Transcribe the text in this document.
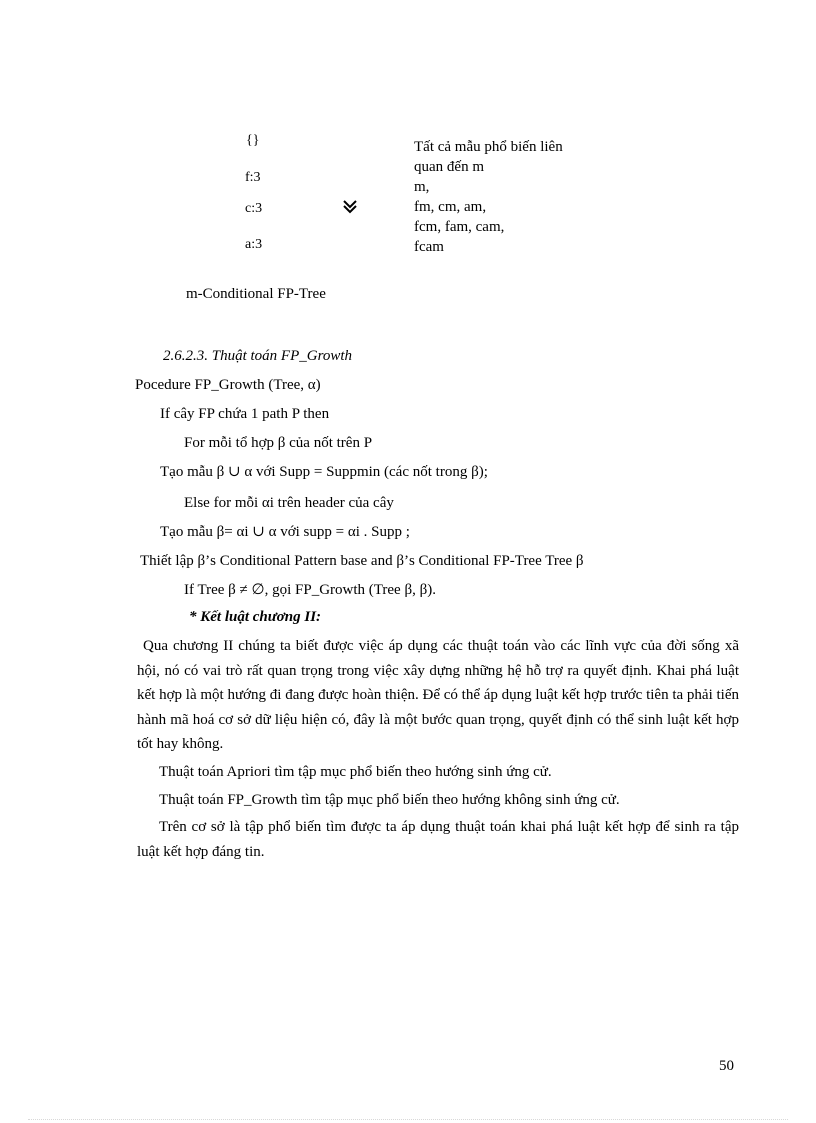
{}
f:3
c:3
a:3
Tất cả mẫu phổ biến liên
quan đến m
m,
fm, cm, am,
fcm, fam, cam,
fcam
m-Conditional FP-Tree
2.6.2.3. Thuật toán FP_Growth
Pocedure FP_Growth (Tree, α)
If cây FP chứa 1 path P then
For mỗi tổ hợp β của nốt trên P
Tạo mẫu β ∪ α với Supp = Suppmin (các nốt trong β);
Else for mỗi αi trên header của cây
Tạo mẫu β= αi ∪ α với supp = αi . Supp ;
Thiết lập β’s Conditional Pattern base and β’s Conditional FP-Tree Tree β
If Tree β ≠ ∅, gọi FP_Growth (Tree β, β).
* Kết luật chương II:
Qua chương II chúng ta biết được việc áp dụng các thuật toán vào các lĩnh vực của đời sống xã hội, nó có vai trò rất quan trọng trong việc xây dựng những hệ hỗ trợ ra quyết định. Khai phá luật kết hợp là một hướng đi đang được hoàn thiện. Để có thể áp dụng luật kết hợp trước tiên ta phải tiến hành mã hoá cơ sở dữ liệu hiện có, đây là một bước quan trọng, quyết định có thể sinh luật kết hợp tốt hay không.
Thuật toán Apriori tìm tập mục phổ biến theo hướng sinh ứng cử.
Thuật toán FP_Growth tìm tập mục phổ biến theo hướng không sinh ứng cử.
Trên cơ sở là tập phổ biến tìm được ta áp dụng thuật toán khai phá luật kết hợp để sinh ra tập luật kết hợp đáng tin.
50
